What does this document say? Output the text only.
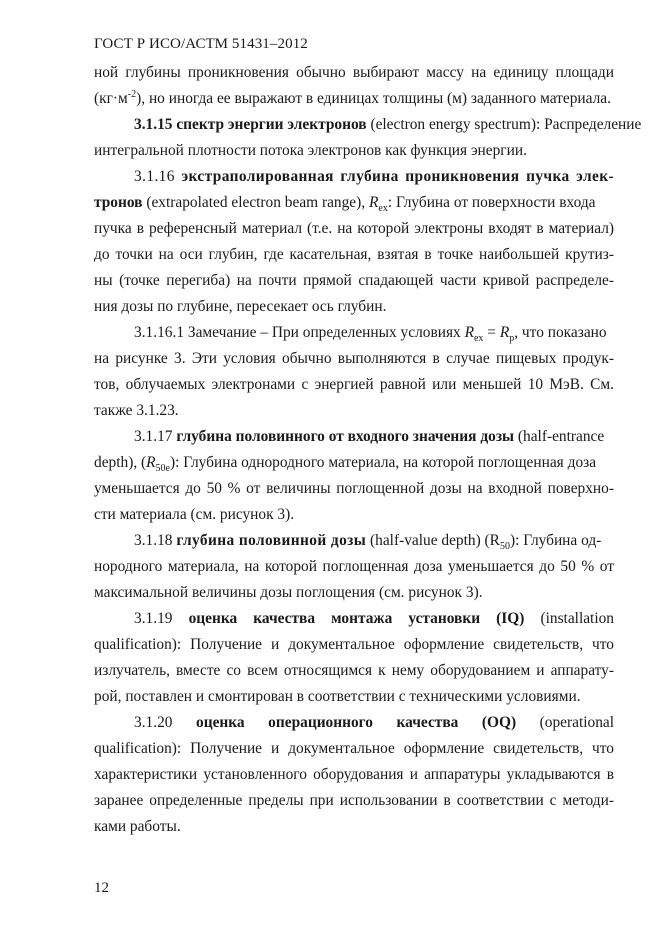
ГОСТ Р ИСО/АСТМ 51431–2012
ной глубины проникновения обычно выбирают массу на единицу площади
$(кг\cdot м^{-2})$, но иногда ее выражают в единицах толщины (м) заданного материала.
3.1.15 спектр энергии электронов (electron energy spectrum): Распределение
интегральной плотности потока электронов как функция энергии.
3.1.16 экстраполированная глубина проникновения пучка элек-
тронов (extrapolated electron beam range), $R_{ex}$: Глубина от поверхности входа
пучка в референсный материал (т.е. на которой электроны входят в материал)
до точки на оси глубин, где касательная, взятая в точке наибольшей крутиз-
ны (точке перегиба) на почти прямой спадающей части кривой распределе-
ния дозы по глубине, пересекает ось глубин.
3.1.16.1 Замечание – При определенных условиях $R_{ex} = R_p$, что показано
на рисунке 3. Эти условия обычно выполняются в случае пищевых продук-
тов, облучаемых электронами с энергией равной или меньшей 10 МэВ. См.
также 3.1.23.
3.1.17 глубина половинного от входного значения дозы (half-entrance
depth), $(R_{50e})$: Глубина однородного материала, на которой поглощенная доза
уменьшается до 50 % от величины поглощенной дозы на входной поверхно-
сти материала (см. рисунок 3).
3.1.18 глубина половинной дозы (half-value depth) $(R_{50})$: Глубина од-
нородного материала, на которой поглощенная доза уменьшается до 50 % от
максимальной величины дозы поглощения (см. рисунок 3).
3.1.19 оценка качества монтажа установки (IQ) (installation
qualification): Получение и документальное оформление свидетельств, что
излучатель, вместе со всем относящимся к нему оборудованием и аппарату-
рой, поставлен и смонтирован в соответствии с техническими условиями.
3.1.20 оценка операционного качества (OQ) (operational
qualification): Получение и документальное оформление свидетельств, что
характеристики установленного оборудования и аппаратуры укладываются в
заранее определенные пределы при использовании в соответствии с методи-
ками работы.
12
